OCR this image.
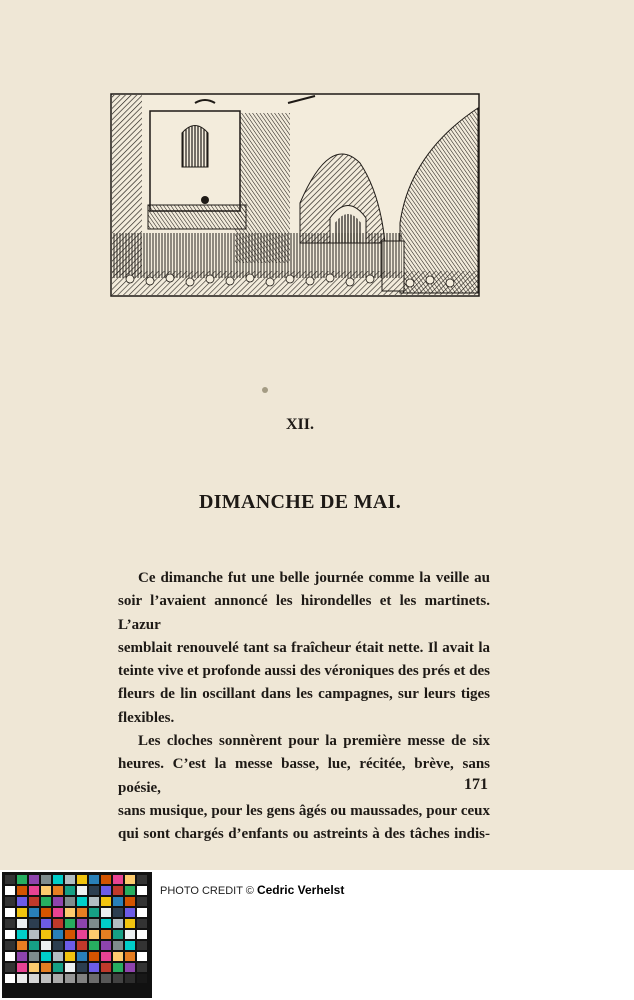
XII.
DIMANCHE DE MAI.

Ce dimanche fut une belle journée comme la veille au

soir l’avaient annoncé les hirondelles et les martinets. L’azur

semblait renouvelé tant sa fraîcheur était nette. Il avait la

teinte vive et profonde aussi des véroniques des prés et des

fleurs de lin oscillant dans les campagnes, sur leurs tiges

flexibles.

Les cloches sonnèrent pour la première messe de six

heures. C’est la messe basse, lue, récitée, brève, sans poésie,

sans musique, pour les gens âgés ou maussades, pour ceux

qui sont chargés d’enfants ou astreints à des tâches indis-

171
PHOTO CREDIT © Cedric Verhelst
